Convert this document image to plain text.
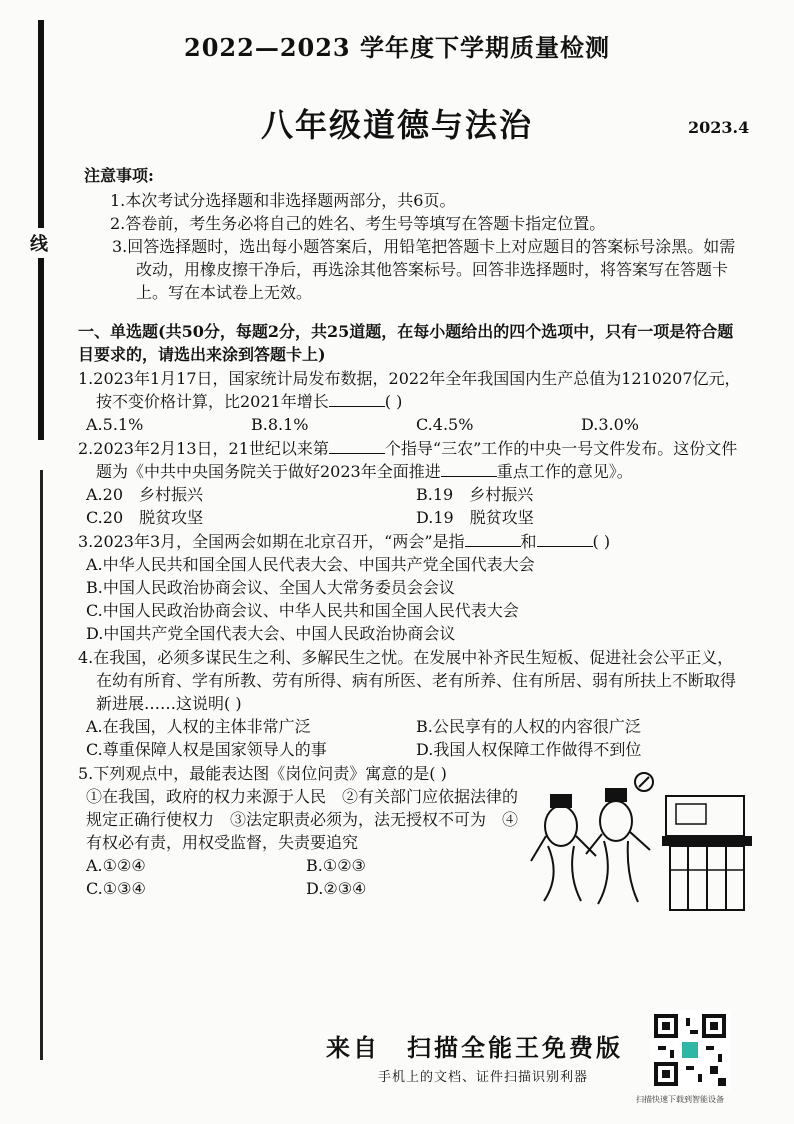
线
2022—2023 学年度下学期质量检测
八年级道德与法治	2023.4
注意事项:
1.本次考试分选择题和非选择题两部分，共6页。
2.答卷前，考生务必将自己的姓名、考生号等填写在答题卡指定位置。
3.回答选择题时，选出每小题答案后，用铅笔把答题卡上对应题目的答案标号涂黑。如需改动，用橡皮擦干净后，再选涂其他答案标号。回答非选择题时，将答案写在答题卡上。写在本试卷上无效。
一、单选题(共50分，每题2分，共25道题，在每小题给出的四个选项中，只有一项是符合题目要求的，请选出来涂到答题卡上)
1.2023年1月17日，国家统计局发布数据，2022年全年我国国内生产总值为1210207亿元，按不变价格计算，比2021年增长	( )
A.5.1%	B.8.1%	C.4.5%	D.3.0%
2.2023年2月13日，21世纪以来第	个指导“三农”工作的中央一号文件发布。这份文件题为《中共中央国务院关于做好2023年全面推进	重点工作的意见》。
A.20　乡村振兴	B.19　乡村振兴
C.20　脱贫攻坚	D.19　脱贫攻坚
3.2023年3月，全国两会如期在北京召开，“两会”是指	和	( )
A.中华人民共和国全国人民代表大会、中国共产党全国代表大会
B.中国人民政治协商会议、全国人大常务委员会会议
C.中国人民政治协商会议、中华人民共和国全国人民代表大会
D.中国共产党全国代表大会、中国人民政治协商会议
4.在我国，必须多谋民生之利、多解民生之忧。在发展中补齐民生短板、促进社会公平正义，在幼有所育、学有所教、劳有所得、病有所医、老有所养、住有所居、弱有所扶上不断取得新进展……这说明( )
A.在我国，人权的主体非常广泛	B.公民享有的人权的内容很广泛
C.尊重保障人权是国家领导人的事	D.我国人权保障工作做得不到位
5.下列观点中，最能表达图《岗位问责》寓意的是( )
①在我国，政府的权力来源于人民　②有关部门应依据法律的规定正确行使权力　③法定职责必须为，法无授权不可为　④有权必有责，用权受监督，失责要追究
A.①②④	B.①②③
C.①③④	D.②③④
来自　扫描全能王免费版
手机上的文档、证件扫描识别利器
扫描快速下载到智能设备
